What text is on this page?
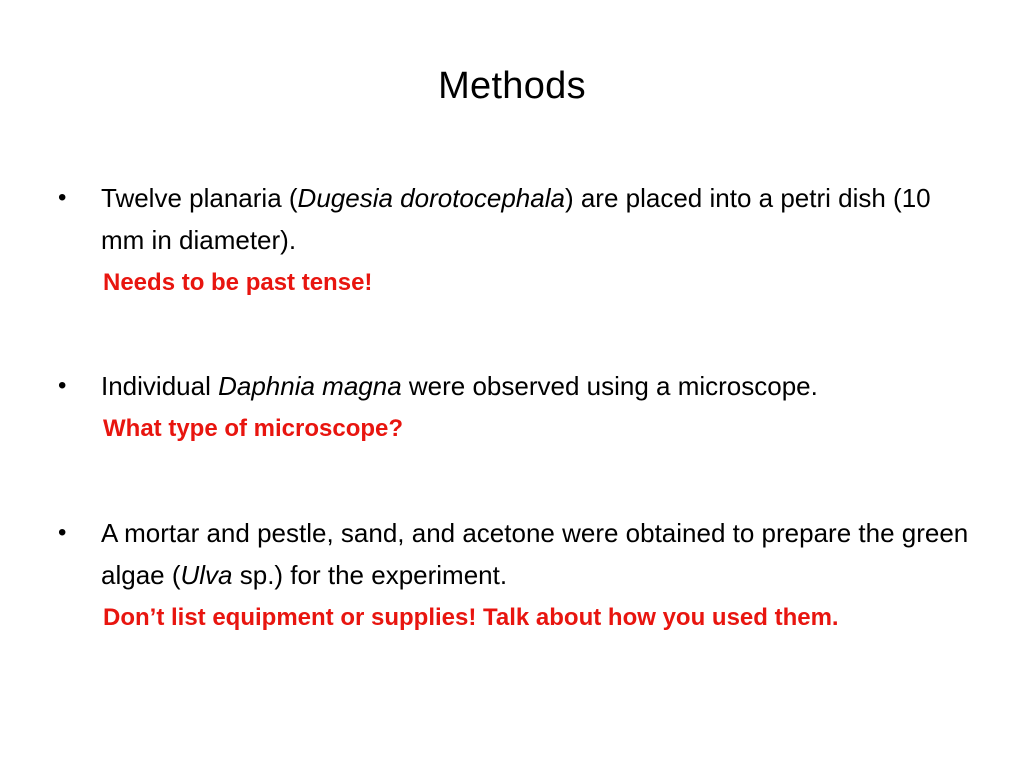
Methods
•	Twelve planaria (Dugesia dorotocephala) are placed into a petri dish (10 mm in diameter).
Needs to be past tense!
•	Individual Daphnia magna were observed using a microscope.
What type of microscope?
•	A mortar and pestle, sand, and acetone were obtained to prepare the green algae (Ulva sp.) for the experiment.
Don’t list equipment or supplies! Talk about how you used them.
